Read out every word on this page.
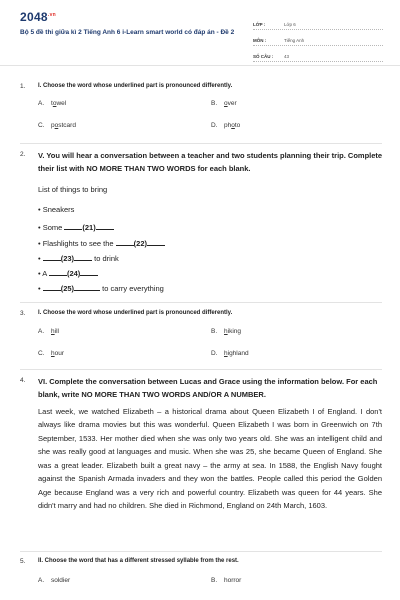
$2048^{.vn}$
Bộ 5 đề thi giữa kì 2 Tiếng Anh 6 i-Learn smart world có đáp án - Đề 2
LỚP :	Lớp 6
MÔN :	Tiếng Anh
SỐ CÂU :	43
1. I. Choose the word whose underlined part is pronounced differently.
A.	t o wel	B.	o ver
C.	p o stcard	D.	ph o to
2. V. You will hear a conversation between a teacher and two students planning their trip. Complete their list with NO MORE THAN TWO WORDS for each blank.
List of things to bring
• Sneakers
• Some (21)
• Flashlights to see the (22)
• (23) to drink
• A (24)
• (25)	to carry everything
3. I. Choose the word whose underlined part is pronounced differently.
A.	h ill	B.	h iking
C.	h our	D.	h ighland
4. VI. Complete the conversation between Lucas and Grace using the information below. For each blank, write NO MORE THAN TWO WORDS AND/OR A NUMBER.
Last week, we watched Elizabeth – a historical drama about Queen Elizabeth I of England. I don't always like drama movies but this was wonderful. Queen Elizabeth I was born in Greenwich on 7th September, 1533. Her mother died when she was only two years old. She was an intelligent child and she was really good at languages and music. When she was 25, she became Queen of England. She was a great leader. Elizabeth built a great navy – the army at sea. In 1588, the English Navy fought against the Spanish Armada invaders and they won the battles. People called this period the Golden Age because England was a very rich and powerful country. Elizabeth was queen for 44 years. She didn't marry and had no children. She died in Richmond, England on 24th March, 1603.
5. II. Choose the word that has a different stressed syllable from the rest.
A.	soldier	B.	horror
